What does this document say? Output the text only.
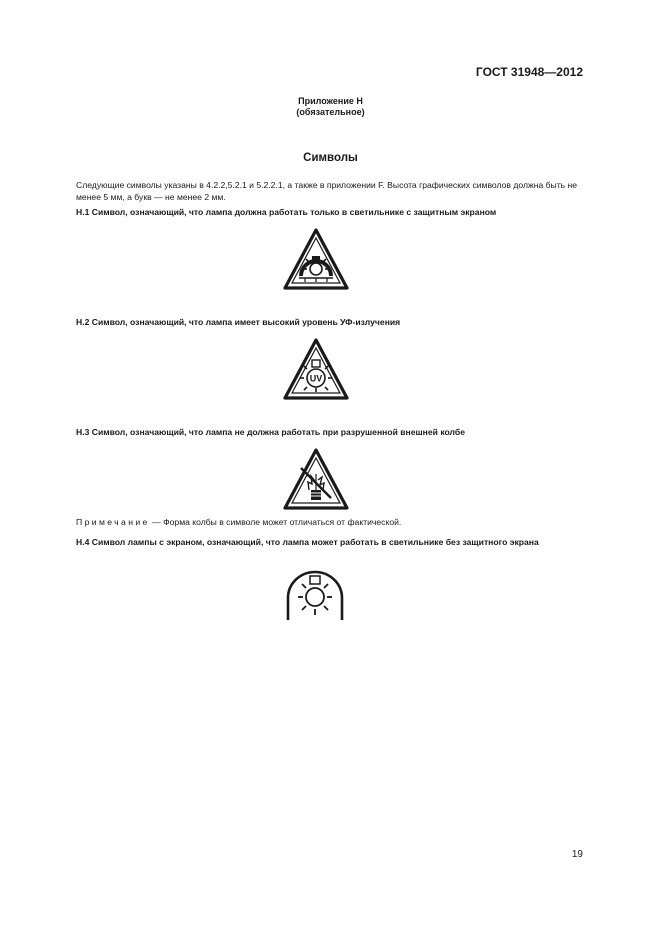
ГОСТ 31948—2012
Приложение Н
(обязательное)
Символы
Следующие символы указаны в 4.2.2,5.2.1 и 5.2.2.1, а также в приложении F. Высота графических символов должна быть не менее 5 мм, а букв — не менее 2 мм.
Н.1 Символ, означающий, что лампа должна работать только в светильнике с защитным экраном
Н.2 Символ, означающий, что лампа имеет высокий уровень УФ-излучения
UV
Н.3 Символ, означающий, что лампа не должна работать при разрушенной внешней колбе
Примечание — Форма колбы в символе может отличаться от фактической.
Н.4 Символ лампы с экраном, означающий, что лампа может работать в светильнике без защитного экрана
19
